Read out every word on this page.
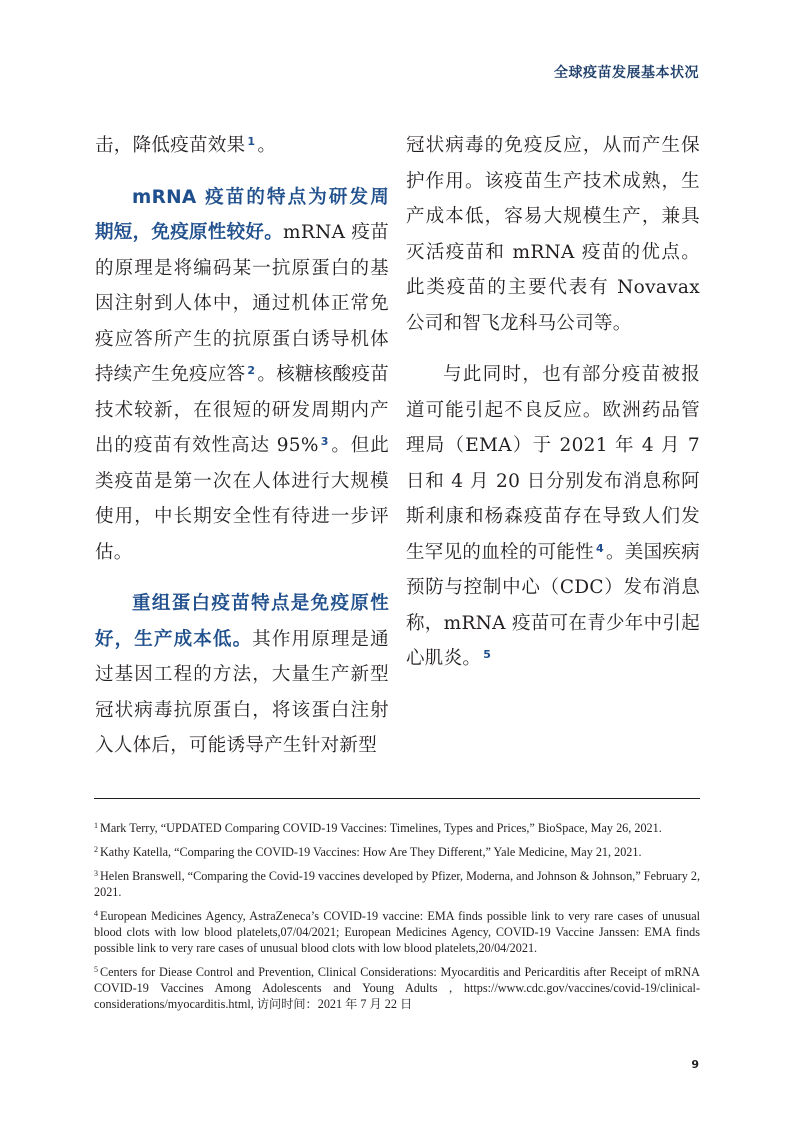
全球疫苗发展基本状况

击，降低疫苗效果 $^1$ 。

mRNA 疫苗的特点为研发周期短，免疫原性较好。mRNA 疫苗的原理是将编码某一抗原蛋白的基因注射到人体中，通过机体正常免疫应答所产生的抗原蛋白诱导机体持续产生免疫应答 $^2$ 。核糖核酸疫苗技术较新，在很短的研发周期内产出的疫苗有效性高达 95% $^3$ 。但此类疫苗是第一次在人体进行大规模使用，中长期安全性有待进一步评估。

重组蛋白疫苗特点是免疫原性好，生产成本低。其作用原理是通过基因工程的方法，大量生产新型冠状病毒抗原蛋白，将该蛋白注射入人体后，可能诱导产生针对新型

冠状病毒的免疫反应，从而产生保护作用。该疫苗生产技术成熟，生产成本低，容易大规模生产，兼具灭活疫苗和 mRNA 疫苗的优点。此类疫苗的主要代表有 Novavax 公司和智飞龙科马公司等。

与此同时，也有部分疫苗被报道可能引起不良反应。欧洲药品管理局（EMA）于 2021 年 4 月 7 日和 4 月 20 日分别发布消息称阿斯利康和杨森疫苗存在导致人们发生罕见的血栓的可能性 $^4$ 。美国疾病预防与控制中心（CDC）发布消息称，mRNA 疫苗可在青少年中引起心肌炎。 $^5$

$^1$ Mark Terry, “UPDATED Comparing COVID-19 Vaccines: Timelines, Types and Prices,” BioSpace, May 26, 2021.

$^2$ Kathy Katella, “Comparing the COVID-19 Vaccines: How Are They Different,” Yale Medicine, May 21, 2021.

$^3$ Helen Branswell, “Comparing the Covid-19 vaccines developed by Pfizer, Moderna, and Johnson & Johnson,” February 2, 2021.

$^4$ European Medicines Agency, AstraZeneca’s COVID-19 vaccine: EMA finds possible link to very rare cases of unusual blood clots with low blood platelets,07/04/2021; European Medicines Agency, COVID-19 Vaccine Janssen: EMA finds possible link to very rare cases of unusual blood clots with low blood platelets,20/04/2021.

$^5$ Centers for Diease Control and Prevention, Clinical Considerations: Myocarditis and Pericarditis after Receipt of mRNA COVID-19 Vaccines Among Adolescents and Young Adults , https://www.cdc.gov/vaccines/covid-19/clinical-considerations/myocarditis.html, 访问时间：2021 年 7 月 22 日

9
